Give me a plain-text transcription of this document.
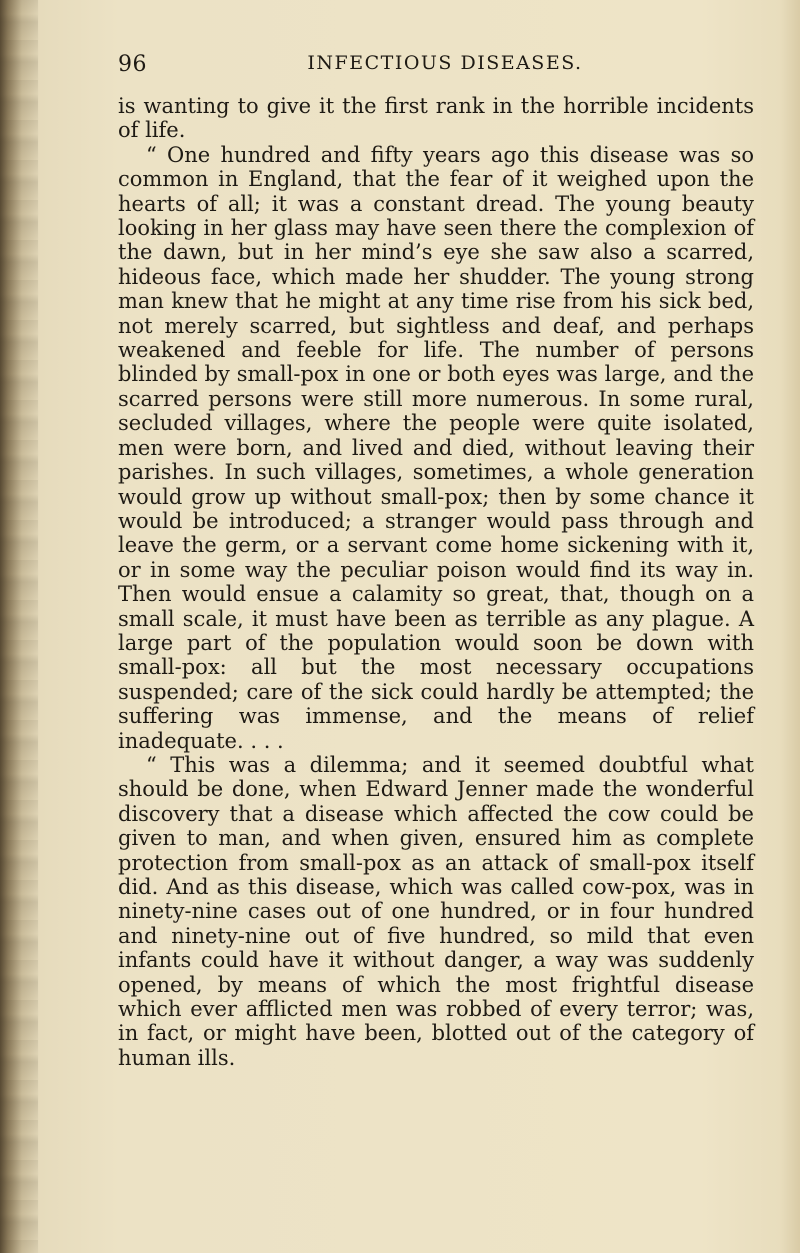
96	INFECTIOUS DISEASES.

is wanting to give it the first rank in the horrible incidents of life.

“ One hundred and fifty years ago this disease was so common in England, that the fear of it weighed upon the hearts of all; it was a constant dread. The young beauty looking in her glass may have seen there the complexion of the dawn, but in her mind’s eye she saw also a scarred, hideous face, which made her shudder. The young strong man knew that he might at any time rise from his sick bed, not merely scarred, but sightless and deaf, and perhaps weakened and feeble for life. The number of persons blinded by small-pox in one or both eyes was large, and the scarred persons were still more numerous. In some rural, secluded villages, where the people were quite isolated, men were born, and lived and died, without leaving their parishes. In such villages, sometimes, a whole generation would grow up without small-pox; then by some chance it would be introduced; a stranger would pass through and leave the germ, or a servant come home sickening with it, or in some way the peculiar poison would find its way in. Then would ensue a calamity so great, that, though on a small scale, it must have been as terrible as any plague. A large part of the population would soon be down with small-pox: all but the most necessary occupations suspended; care of the sick could hardly be attempted; the suffering was immense, and the means of relief inadequate. . . .

“ This was a dilemma; and it seemed doubtful what should be done, when Edward Jenner made the wonderful discovery that a disease which affected the cow could be given to man, and when given, ensured him as complete protection from small-pox as an attack of small-pox itself did. And as this disease, which was called cow-pox, was in ninety-nine cases out of one hundred, or in four hundred and ninety-nine out of five hundred, so mild that even infants could have it without danger, a way was suddenly opened, by means of which the most frightful disease which ever afflicted men was robbed of every terror; was, in fact, or might have been, blotted out of the category of human ills.
